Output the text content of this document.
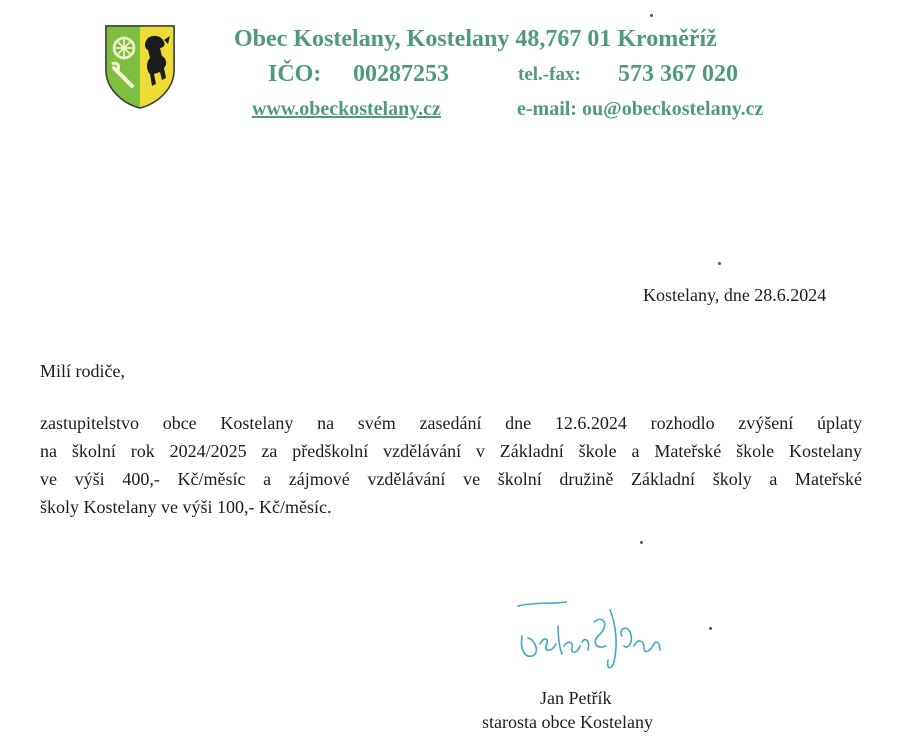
Obec Kostelany, Kostelany 48,767 01 Kroměříž
IČO: 00287253	tel.-fax: 573 367 020
www.obeckostelany.cz	e-mail: ou@obeckostelany.cz
Kostelany, dne 28.6.2024
Milí rodiče,
zastupitelstvo obce Kostelany na svém zasedání dne 12.6.2024 rozhodlo zvýšení úplaty
na školní rok 2024/2025 za předškolní vzdělávání v Základní škole a Mateřské škole Kostelany
ve výši 400,- Kč/měsíc a zájmové vzdělávání ve školní družině Základní školy a Mateřské
školy Kostelany ve výši 100,- Kč/měsíc.
Jan Petřík
starosta obce Kostelany
